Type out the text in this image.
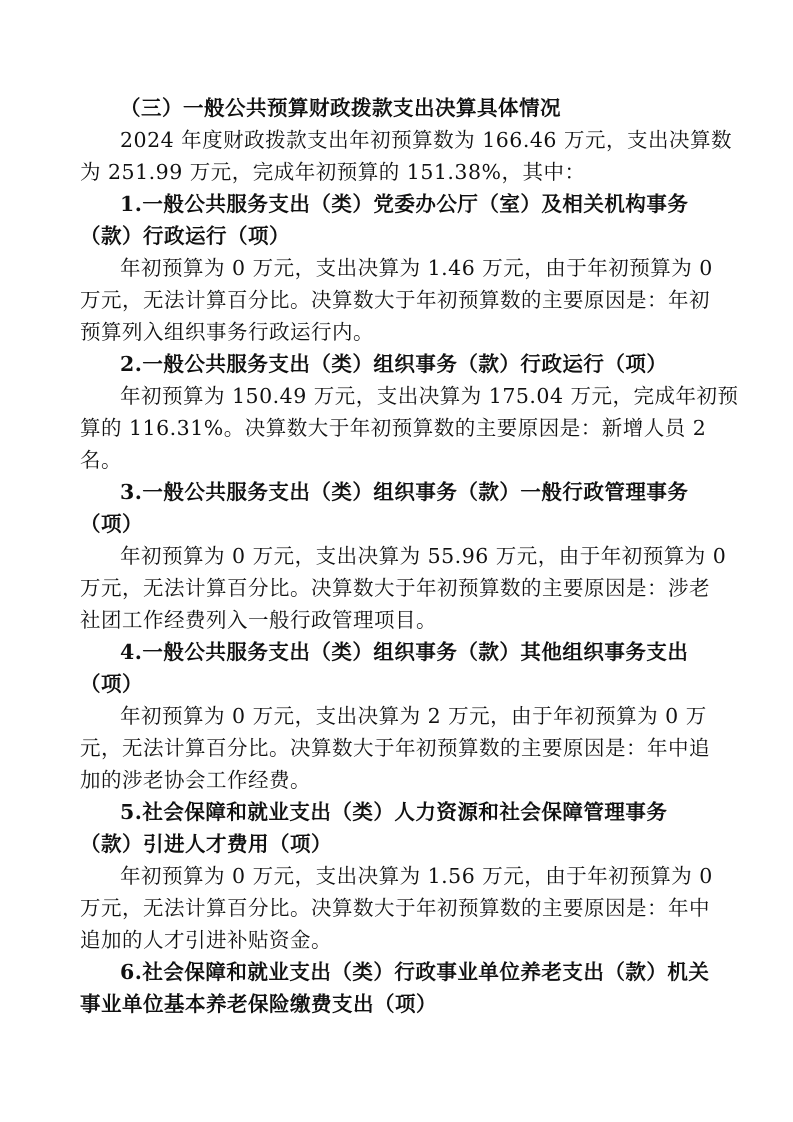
（三）一般公共预算财政拨款支出决算具体情况

2024 年度财政拨款支出年初预算数为 166.46 万元，支出决算数

为 251.99 万元，完成年初预算的 151.38%，其中：

1.一般公共服务支出（类）党委办公厅（室）及相关机构事务

（款）行政运行（项）

年初预算为 0 万元，支出决算为 1.46 万元，由于年初预算为 0

万元，无法计算百分比。决算数大于年初预算数的主要原因是：年初

预算列入组织事务行政运行内。

2.一般公共服务支出（类）组织事务（款）行政运行（项）

年初预算为 150.49 万元，支出决算为 175.04 万元，完成年初预

算的 116.31%。决算数大于年初预算数的主要原因是：新增人员 2

名。

3.一般公共服务支出（类）组织事务（款）一般行政管理事务

（项）

年初预算为 0 万元，支出决算为 55.96 万元，由于年初预算为 0

万元，无法计算百分比。决算数大于年初预算数的主要原因是：涉老

社团工作经费列入一般行政管理项目。

4.一般公共服务支出（类）组织事务（款）其他组织事务支出

（项）

年初预算为 0 万元，支出决算为 2 万元，由于年初预算为 0 万

元，无法计算百分比。决算数大于年初预算数的主要原因是：年中追

加的涉老协会工作经费。

5.社会保障和就业支出（类）人力资源和社会保障管理事务

（款）引进人才费用（项）

年初预算为 0 万元，支出决算为 1.56 万元，由于年初预算为 0

万元，无法计算百分比。决算数大于年初预算数的主要原因是：年中

追加的人才引进补贴资金。

6.社会保障和就业支出（类）行政事业单位养老支出（款）机关

事业单位基本养老保险缴费支出（项）
